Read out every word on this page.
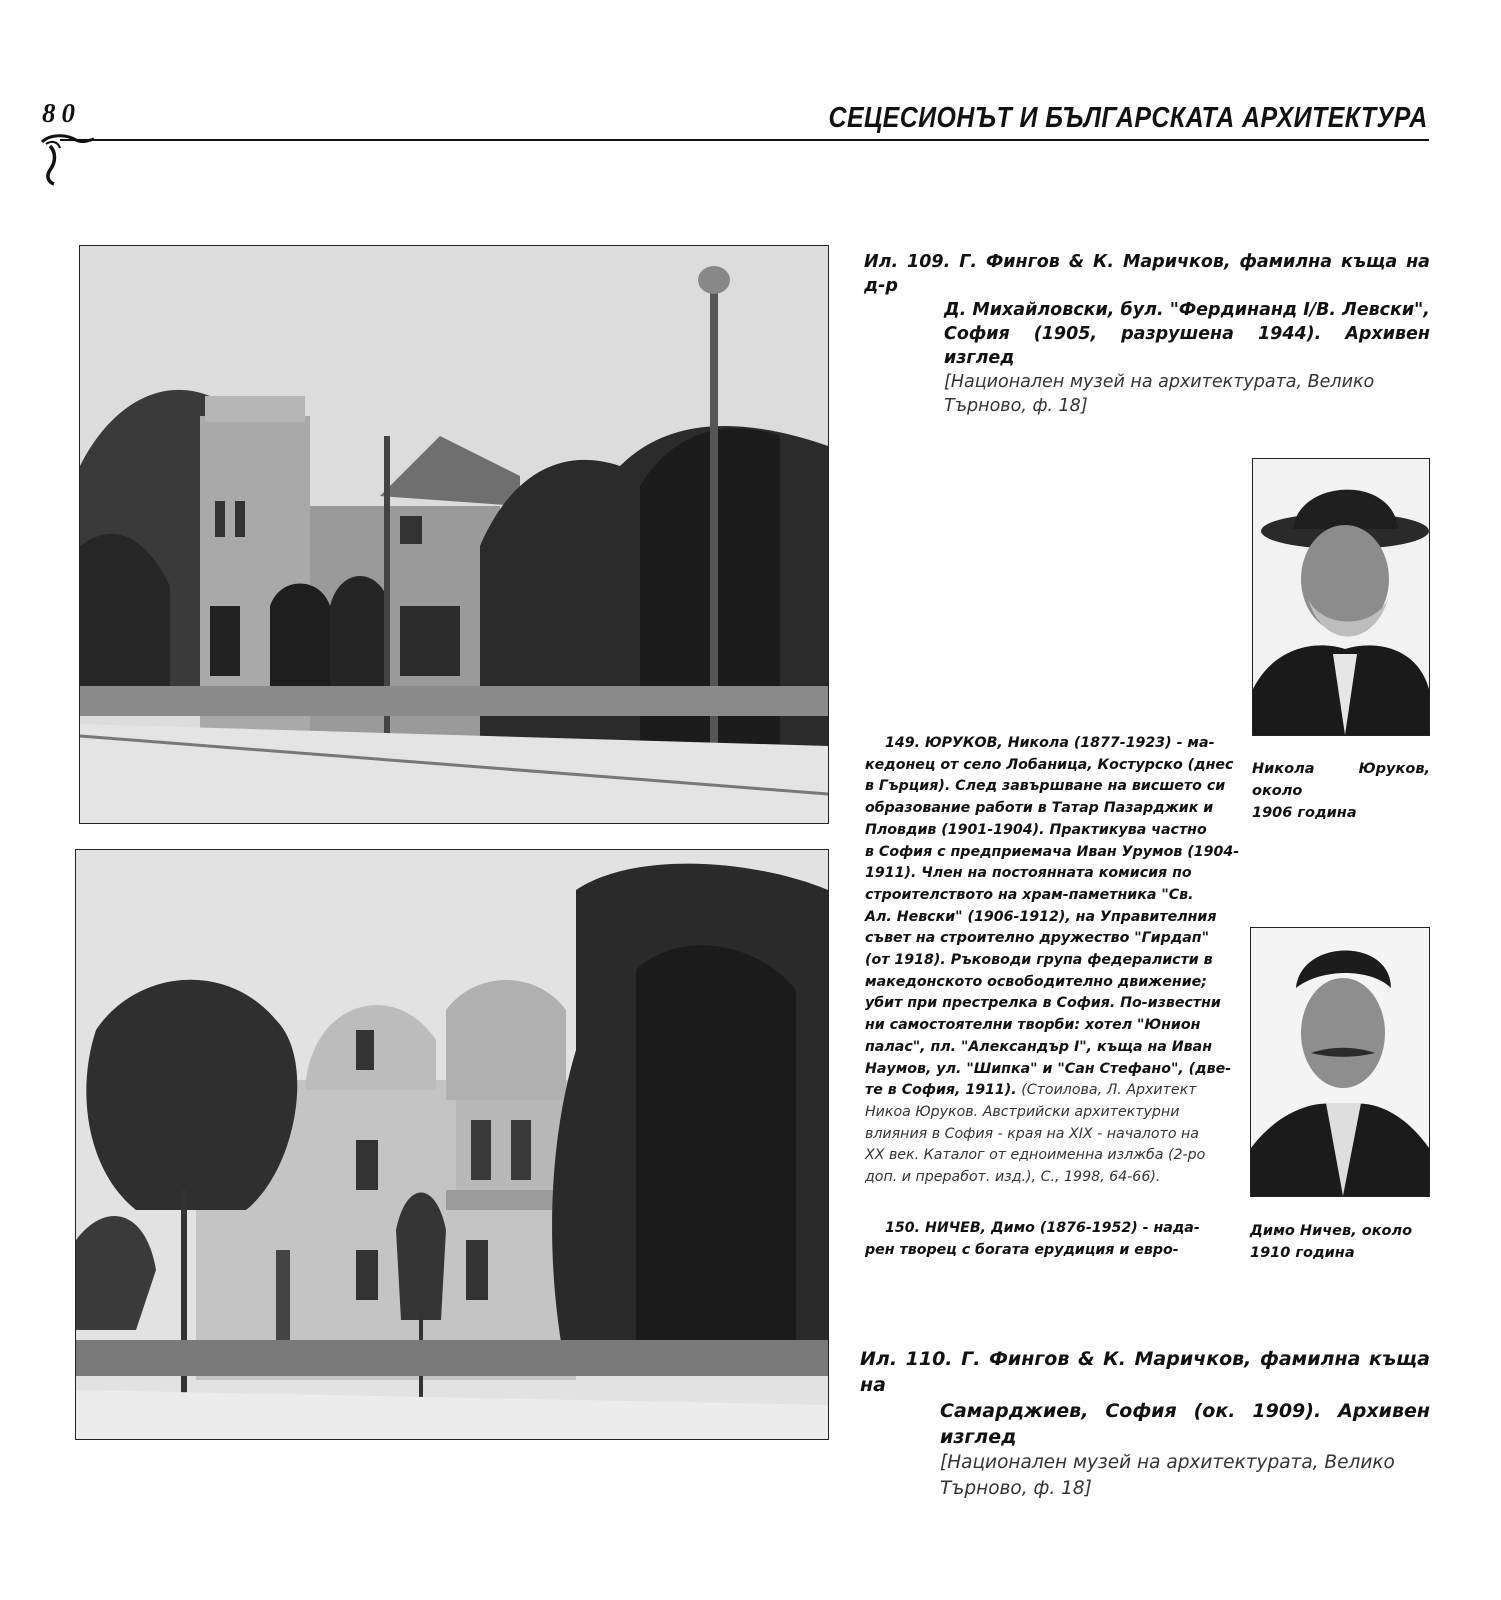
80	СЕЦЕСИОНЪТ И БЪЛГАРСКАТА АРХИТЕКТУРА
Ил. 109. Г. Фингов & К. Маричков, фамилна къща на д-р
Д. Михайловски, бул. "Фердинанд I/В. Левски",
София (1905, разрушена 1944). Архивен изглед
[Национален музей на архитектурата, Велико
Търново, ф. 18]
Ил. 110. Г. Фингов & К. Маричков, фамилна къща на
Самарджиев, София (ок. 1909). Архивен изглед
[Национален музей на архитектурата, Велико
Търново, ф. 18]
Никола Юруков, около
1906 година
Димо Ничев, около
1910 година
149. ЮРУКОВ, Никола (1877-1923) - ма-
кедонец от село Лобаница, Костурско (днес
в Гърция). След завършване на висшето си
образование работи в Татар Пазарджик и
Пловдив (1901-1904). Практикува частно
в София с предприемача Иван Урумов (1904-
1911). Член на постоянната комисия по
строителството на храм-паметника "Св.
Ал. Невски" (1906-1912), на Управителния
съвет на строително дружество "Гирдап"
(от 1918). Ръководи група федералисти в
македонското освободително движение;
убит при престрелка в София. По-известни
ни самостоятелни творби: хотел "Юнион
палас", пл. "Александър I", къща на Иван
Наумов, ул. "Шипка" и "Сан Стефано", (две-
те в София, 1911). (Стоилова, Л. Архитект
Никоа Юруков. Австрийски архитектурни
влияния в София - края на XIX - началото на
XX век. Каталог от едноименна излжба (2-ро
доп. и преработ. изд.), С., 1998, 64-66).
150. НИЧЕВ, Димо (1876-1952) - нада-
рен творец с богата ерудиция и евро-
